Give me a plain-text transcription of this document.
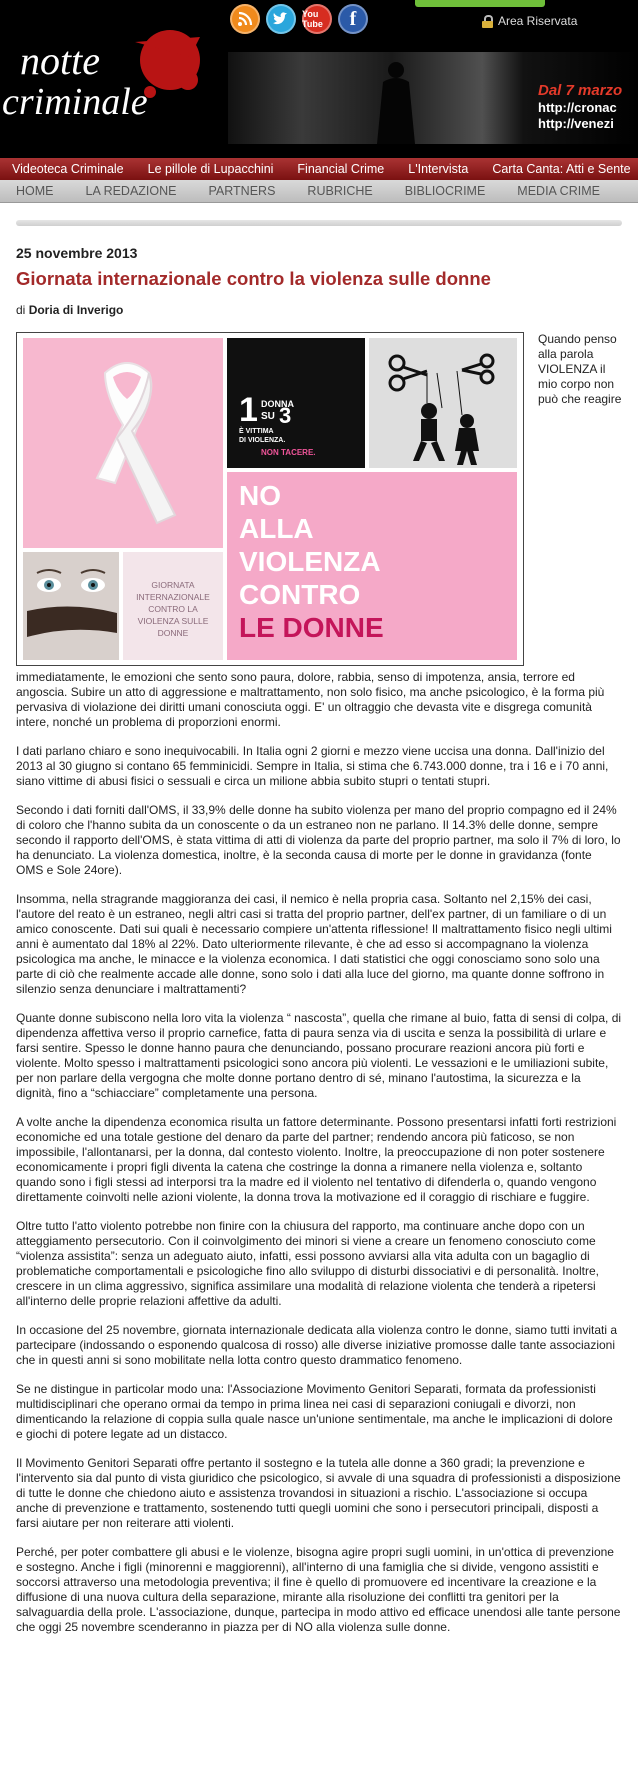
notte
criminale
You Tube	f	Area Riservata
Dal 7 marzo
http://cronac
http://venezi
Videoteca Criminale	Le pillole di Lupacchini	Financial Crime	L'Intervista	Carta Canta: Atti e Sente
HOME	LA REDAZIONE	PARTNERS	RUBRICHE	BIBLIOCRIME	MEDIA CRIME

25 novembre 2013

Giornata internazionale contro la violenza sulle donne

di Doria di Inverigo

1 DONNA
SU 3
È VITTIMA
DI VIOLENZA.
NON TACERE.
NO
ALLA
VIOLENZA
CONTRO
LE DONNE
GIORNATA
INTERNAZIONALE
CONTRO LA
VIOLENZA SULLE
DONNE
Quando penso alla parola VIOLENZA il mio corpo non può che reagire

immediatamente, le emozioni che sento sono paura, dolore, rabbia, senso di impotenza, ansia, terrore ed angoscia. Subire un atto di aggressione e maltrattamento, non solo fisico, ma anche psicologico, è la forma più pervasiva di violazione dei diritti umani conosciuta oggi. E' un oltraggio che devasta vite e disgrega comunità intere, nonché un problema di proporzioni enormi.

I dati parlano chiaro e sono inequivocabili. In Italia ogni 2 giorni e mezzo viene uccisa una donna. Dall'inizio del 2013 al 30 giugno si contano 65 femminicidi. Sempre in Italia, si stima che 6.743.000 donne, tra i 16 e i 70 anni, siano vittime di abusi fisici o sessuali e circa un milione abbia subito stupri o tentati stupri.

Secondo i dati forniti dall'OMS, il 33,9% delle donne ha subito violenza per mano del proprio compagno ed il 24% di coloro che l'hanno subita da un conoscente o da un estraneo non ne parlano. Il 14.3% delle donne, sempre secondo il rapporto dell'OMS, è stata vittima di atti di violenza da parte del proprio partner, ma solo il 7% di loro, lo ha denunciato. La violenza domestica, inoltre, è la seconda causa di morte per le donne in gravidanza (fonte OMS e Sole 24ore).

Insomma, nella stragrande maggioranza dei casi, il nemico è nella propria casa. Soltanto nel 2,15% dei casi, l'autore del reato è un estraneo, negli altri casi si tratta del proprio partner, dell'ex partner, di un familiare o di un amico conoscente. Dati sui quali è necessario compiere un'attenta riflessione! Il maltrattamento fisico negli ultimi anni è aumentato dal 18% al 22%. Dato ulteriormente rilevante, è che ad esso si accompagnano la violenza psicologica ma anche, le minacce e la violenza economica. I dati statistici che oggi conosciamo sono solo una parte di ciò che realmente accade alle donne, sono solo i dati alla luce del giorno, ma quante donne soffrono in silenzio senza denunciare i maltrattamenti?

Quante donne subiscono nella loro vita la violenza “ nascosta”, quella che rimane al buio, fatta di sensi di colpa, di dipendenza affettiva verso il proprio carnefice, fatta di paura senza via di uscita e senza la possibilità di urlare e farsi sentire. Spesso le donne hanno paura che denunciando, possano procurare reazioni ancora più forti e violente. Molto spesso i maltrattamenti psicologici sono ancora più violenti. Le vessazioni e le umiliazioni subite, per non parlare della vergogna che molte donne portano dentro di sé, minano l'autostima, la sicurezza e la dignità, fino a “schiacciare” completamente una persona.

A volte anche la dipendenza economica risulta un fattore determinante. Possono presentarsi infatti forti restrizioni economiche ed una totale gestione del denaro da parte del partner; rendendo ancora più faticoso, se non impossibile, l'allontanarsi, per la donna, dal contesto violento. Inoltre, la preoccupazione di non poter sostenere economicamente i propri figli diventa la catena che costringe la donna a rimanere nella violenza e, soltanto quando sono i figli stessi ad interporsi tra la madre ed il violento nel tentativo di difenderla o, quando vengono direttamente coinvolti nelle azioni violente, la donna trova la motivazione ed il coraggio di rischiare e fuggire.

Oltre tutto l'atto violento potrebbe non finire con la chiusura del rapporto, ma continuare anche dopo con un atteggiamento persecutorio. Con il coinvolgimento dei minori si viene a creare un fenomeno conosciuto come “violenza assistita”: senza un adeguato aiuto, infatti, essi possono avviarsi alla vita adulta con un bagaglio di problematiche comportamentali e psicologiche fino allo sviluppo di disturbi dissociativi e di personalità. Inoltre, crescere in un clima aggressivo, significa assimilare una modalità di relazione violenta che tenderà a ripetersi all'interno delle proprie relazioni affettive da adulti.

In occasione del 25 novembre, giornata internazionale dedicata alla violenza contro le donne, siamo tutti invitati a partecipare (indossando o esponendo qualcosa di rosso) alle diverse iniziative promosse dalle tante associazioni che in questi anni si sono mobilitate nella lotta contro questo drammatico fenomeno.

Se ne distingue in particolar modo una: l'Associazione Movimento Genitori Separati, formata da professionisti multidisciplinari che operano ormai da tempo in prima linea nei casi di separazioni coniugali e divorzi, non dimenticando la relazione di coppia sulla quale nasce un'unione sentimentale, ma anche le implicazioni di dolore e giochi di potere legate ad un distacco.

Il Movimento Genitori Separati offre pertanto il sostegno e la tutela alle donne a 360 gradi; la prevenzione e l'intervento sia dal punto di vista giuridico che psicologico, si avvale di una squadra di professionisti a disposizione di tutte le donne che chiedono aiuto e assistenza trovandosi in situazioni a rischio. L'associazione si occupa anche di prevenzione e trattamento, sostenendo tutti quegli uomini che sono i persecutori principali, disposti a farsi aiutare per non reiterare atti violenti.

Perché, per poter combattere gli abusi e le violenze, bisogna agire propri sugli uomini, in un'ottica di prevenzione e sostegno. Anche i figli (minorenni e maggiorenni), all'interno di una famiglia che si divide, vengono assistiti e soccorsi attraverso una metodologia preventiva; il fine è quello di promuovere ed incentivare la creazione e la diffusione di una nuova cultura della separazione, mirante alla risoluzione dei conflitti tra genitori per la salvaguardia della prole. L'associazione, dunque, partecipa in modo attivo ed efficace unendosi alle tante persone che oggi 25 novembre scenderanno in piazza per di NO alla violenza sulle donne.
